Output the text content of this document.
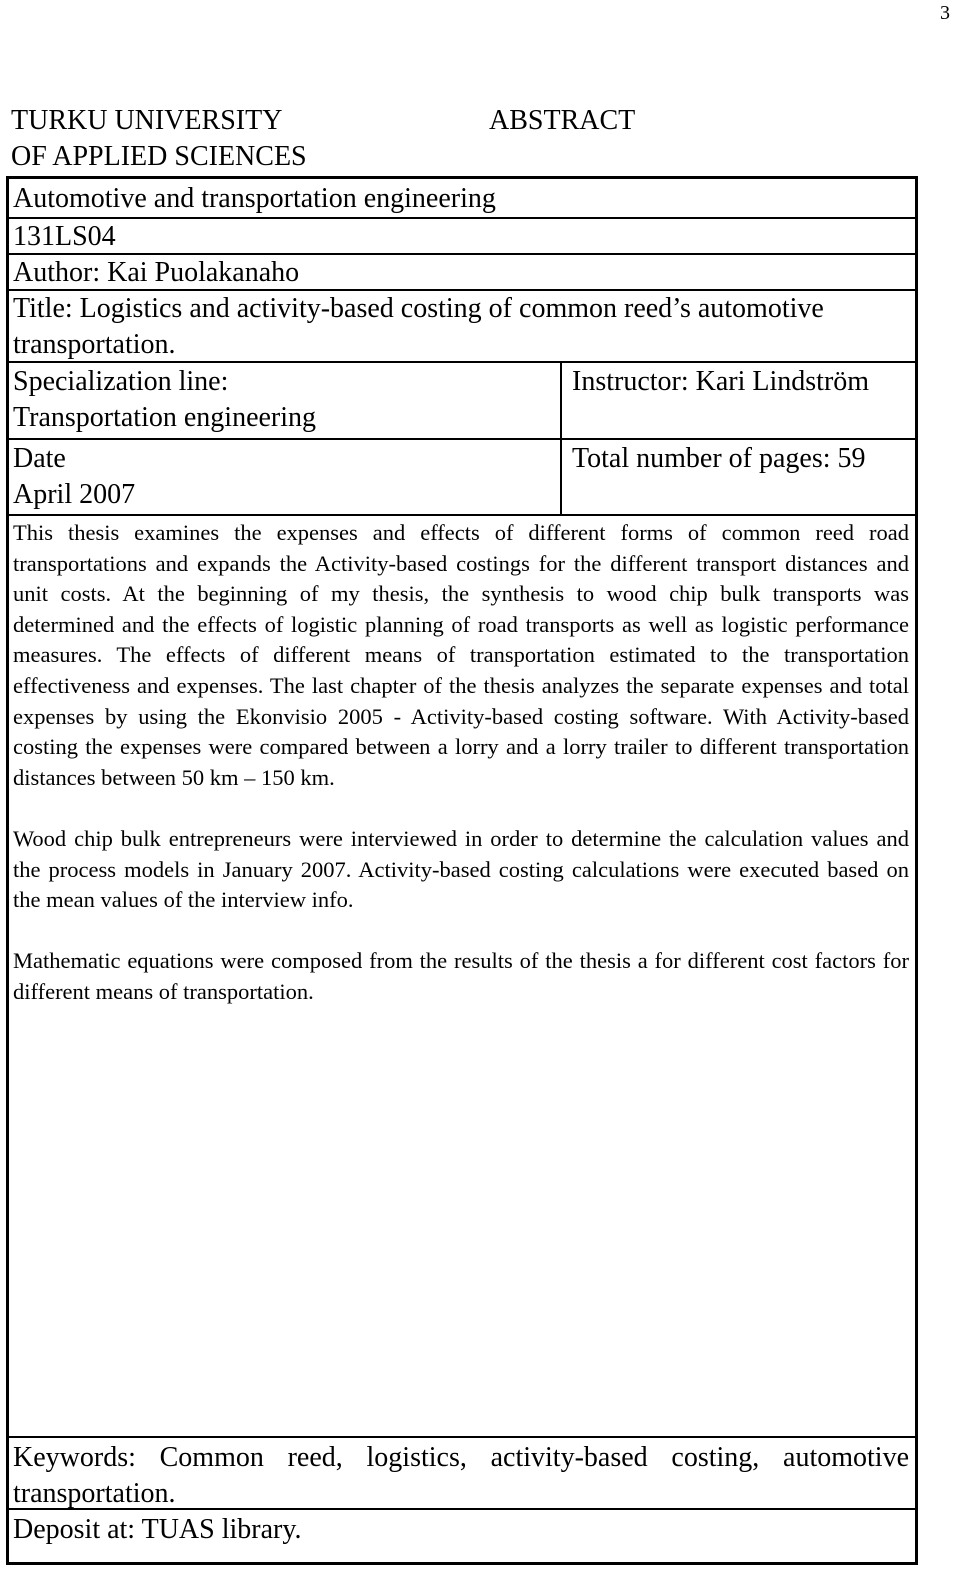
3
TURKU UNIVERSITY
OF APPLIED SCIENCES
ABSTRACT
Automotive and transportation engineering
131LS04
Author: Kai Puolakanaho
Title: Logistics and activity-based costing of common reed’s automotive transportation.
Specialization line:
Transportation engineering
Instructor: Kari Lindström
Date
April 2007
Total number of pages: 59

This thesis examines the expenses and effects of different forms of common reed road transportations and expands the Activity-based costings for the different transport distances and unit costs. At the beginning of my thesis, the synthesis to wood chip bulk transports was determined and the effects of logistic planning of road transports as well as logistic performance measures. The effects of different means of transportation estimated to the transportation effectiveness and expenses. The last chapter of the thesis analyzes the separate expenses and total expenses by using the Ekonvisio 2005 - Activity-based costing software. With Activity-based costing the expenses were compared between a lorry and a lorry trailer to different transportation distances between 50 km – 150 km.

Wood chip bulk entrepreneurs were interviewed in order to determine the calculation values and the process models in January 2007. Activity-based costing calculations were executed based on the mean values of the interview info.

Mathematic equations were composed from the results of the thesis a for different cost factors for different means of transportation.

Keywords: Common reed, logistics, activity-based costing, automotive transportation.
Deposit at: TUAS library.
